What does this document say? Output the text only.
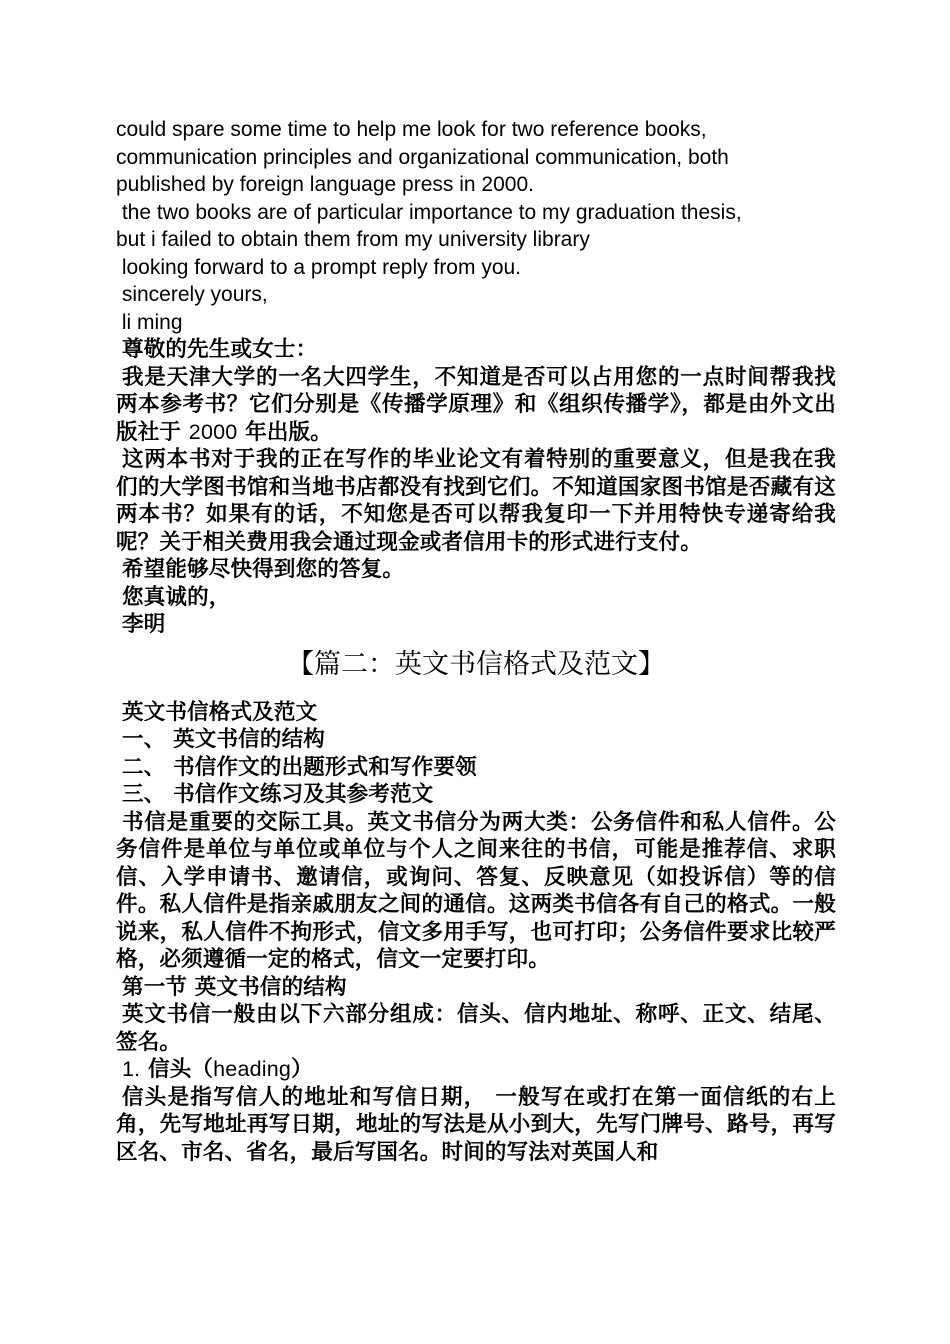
could spare some time to help me look for two reference books,

communication principles and organizational communication, both

published by foreign language press in 2000.

the two books are of particular importance to my graduation thesis,

but i failed to obtain them from my university library

looking forward to a prompt reply from you.

sincerely yours,

li ming

尊敬的先生或女士：

我是天津大学的一名大四学生，不知道是否可以占用您的一点时间帮我找两本参考书？它们分别是《传播学原理》和《组织传播学》，都是由外文出版社于 2000 年出版。

这两本书对于我的正在写作的毕业论文有着特别的重要意义，但是我在我们的大学图书馆和当地书店都没有找到它们。不知道国家图书馆是否藏有这两本书？如果有的话，不知您是否可以帮我复印一下并用特快专递寄给我呢？关于相关费用我会通过现金或者信用卡的形式进行支付。

希望能够尽快得到您的答复。

您真诚的，

李明

【篇二：英文书信格式及范文】

英文书信格式及范文

一、 英文书信的结构

二、 书信作文的出题形式和写作要领

三、 书信作文练习及其参考范文

书信是重要的交际工具。英文书信分为两大类：公务信件和私人信件。公务信件是单位与单位或单位与个人之间来往的书信，可能是推荐信、求职信、入学申请书、邀请信，或询问、答复、反映意见（如投诉信）等的信件。私人信件是指亲戚朋友之间的通信。这两类书信各有自己的格式。一般说来，私人信件不拘形式，信文多用手写，也可打印；公务信件要求比较严格，必须遵循一定的格式，信文一定要打印。

第一节 英文书信的结构

英文书信一般由以下六部分组成：信头、信内地址、称呼、正文、结尾、签名。

1. 信头（heading）

信头是指写信人的地址和写信日期， 一般写在或打在第一面信纸的右上角，先写地址再写日期，地址的写法是从小到大，先写门牌号、路号，再写区名、市名、省名，最后写国名。时间的写法对英国人和
